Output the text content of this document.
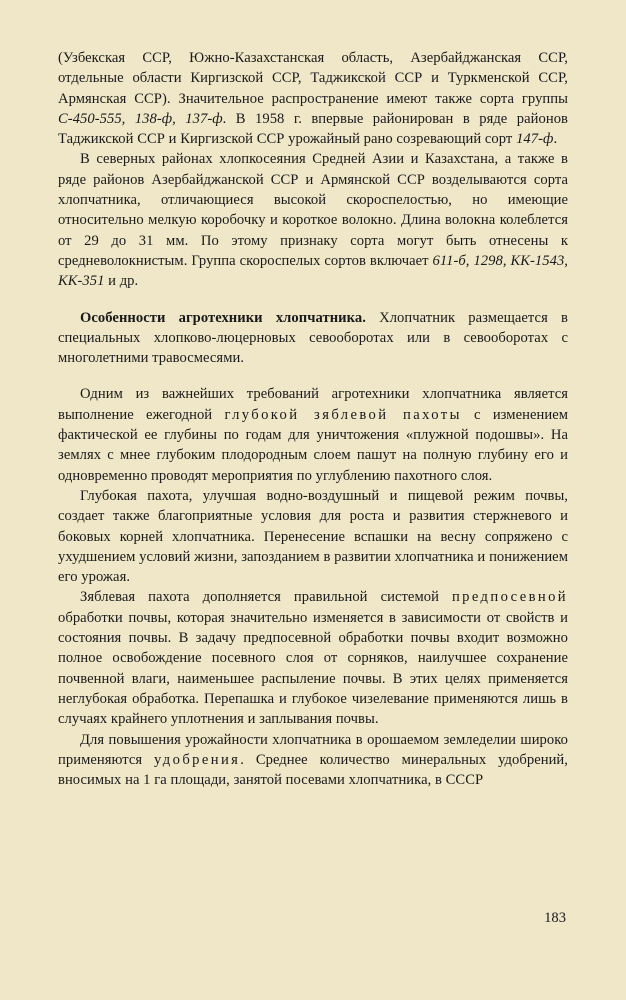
(Узбекская ССР, Южно-Казахстанская область, Азербайджанская ССР, отдельные области Киргизской ССР, Таджикской ССР и Туркменской ССР, Армянская ССР). Значительное распространение имеют также сорта группы С-450-555, 138-ф, 137-ф. В 1958 г. впервые районирован в ряде районов Таджикской ССР и Киргизской ССР урожайный рано созревающий сорт 147-ф.

В северных районах хлопкосеяния Средней Азии и Казахстана, а также в ряде районов Азербайджанской ССР и Армянской ССР возделываются сорта хлопчатника, отличающиеся высокой скороспелостью, но имеющие относительно мелкую коробочку и короткое волокно. Длина волокна колеблется от 29 до 31 мм. По этому признаку сорта могут быть отнесены к средневолокнистым. Группа скороспелых сортов включает 611-б, 1298, КК-1543, КК-351 и др.

Особенности агротехники хлопчатника. Хлопчатник размещается в специальных хлопково-люцерновых севооборотах или в севооборотах с многолетними травосмесями.

Одним из важнейших требований агротехники хлопчатника является выполнение ежегодной глубокой зяблевой пахоты с изменением фактической ее глубины по годам для уничтожения «плужной подошвы». На землях с мнее глубоким плодородным слоем пашут на полную глубину его и одновременно проводят мероприятия по углублению пахотного слоя.

Глубокая пахота, улучшая водно-воздушный и пищевой режим почвы, создает также благоприятные условия для роста и развития стержневого и боковых корней хлопчатника. Перенесение вспашки на весну сопряжено с ухудшением условий жизни, запозданием в развитии хлопчатника и понижением его урожая.

Зяблевая пахота дополняется правильной системой предпосевной обработки почвы, которая значительно изменяется в зависимости от свойств и состояния почвы. В задачу предпосевной обработки почвы входит возможно полное освобождение посевного слоя от сорняков, наилучшее сохранение почвенной влаги, наименьшее распыление почвы. В этих целях применяется неглубокая обработка. Перепашка и глубокое чизелевание применяются лишь в случаях крайнего уплотнения и заплывания почвы.

Для повышения урожайности хлопчатника в орошаемом земледелии широко применяются удобрения. Среднее количество минеральных удобрений, вносимых на 1 га площади, занятой посевами хлопчатника, в СССР

183
